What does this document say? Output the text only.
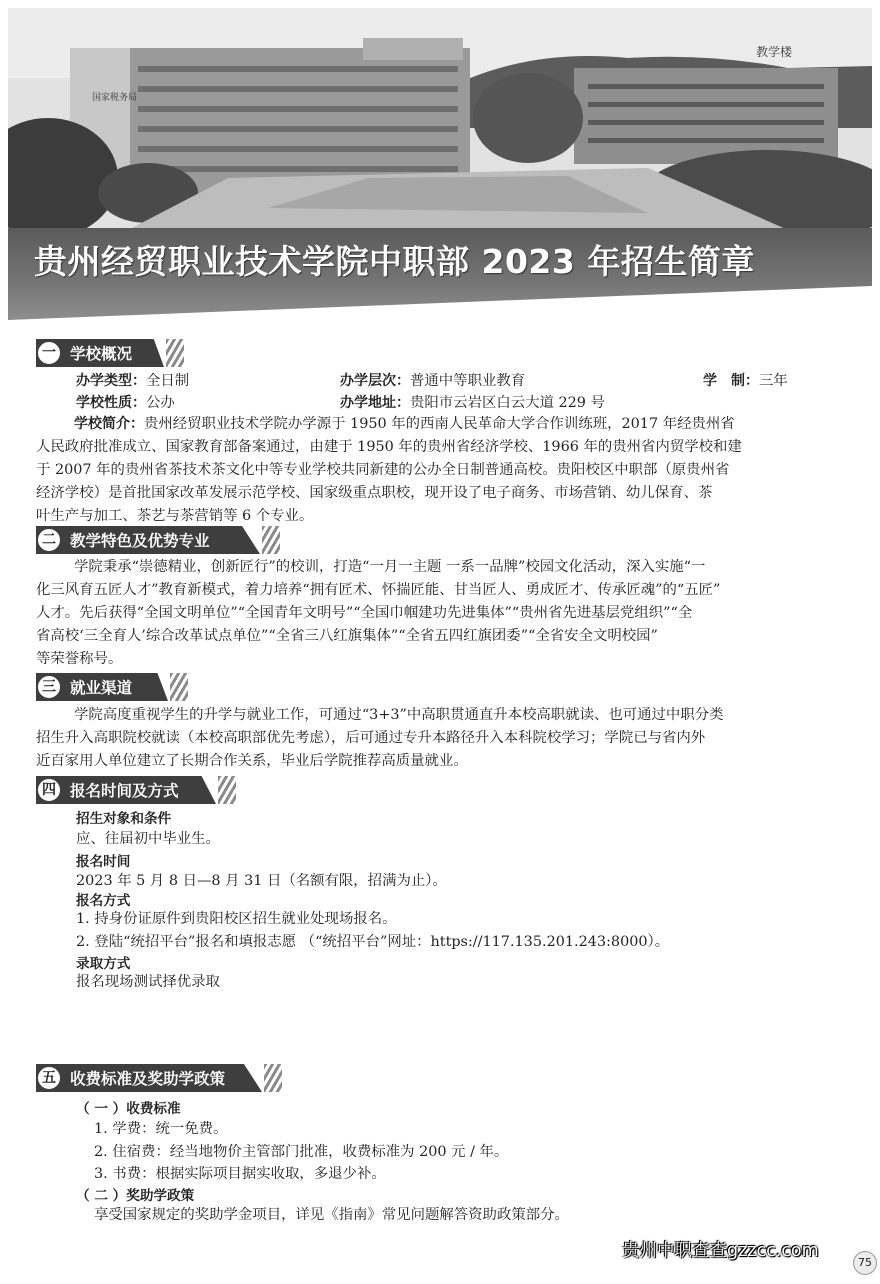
国家税务局
教学楼
贵州经贸职业技术学院中职部 2023 年招生简章
一 学校概况
办学类型：全日制	办学层次：普通中等职业教育	学　制：三年
学校性质：公办	办学地址：贵阳市云岩区白云大道 229 号
学校简介：贵州经贸职业技术学院办学源于 1950 年的西南人民革命大学合作训练班，2017 年经贵州省
人民政府批准成立、国家教育部备案通过，由建于 1950 年的贵州省经济学校、1966 年的贵州省内贸学校和建
于 2007 年的贵州省茶技术茶文化中等专业学校共同新建的公办全日制普通高校。贵阳校区中职部（原贵州省
经济学校）是首批国家改革发展示范学校、国家级重点职校，现开设了电子商务、市场营销、幼儿保育、茶
叶生产与加工、茶艺与茶营销等 6 个专业。
二 教学特色及优势专业
学院秉承“崇德精业，创新匠行”的校训，打造“一月一主题 一系一品牌”校园文化活动，深入实施“一
化三风育五匠人才”教育新模式，着力培养“拥有匠术、怀揣匠能、甘当匠人、勇成匠才、传承匠魂”的“五匠”
人才。先后获得“全国文明单位”“全国青年文明号”“全国巾帼建功先进集体”“贵州省先进基层党组织”“全
省高校‘三全育人’综合改革试点单位”“全省三八红旗集体”“全省五四红旗团委”“全省安全文明校园”
等荣誉称号。
三 就业渠道
学院高度重视学生的升学与就业工作，可通过“3+3”中高职贯通直升本校高职就读、也可通过中职分类
招生升入高职院校就读（本校高职部优先考虑），后可通过专升本路径升入本科院校学习；学院已与省内外
近百家用人单位建立了长期合作关系，毕业后学院推荐高质量就业。
四 报名时间及方式
招生对象和条件
应、往届初中毕业生。
报名时间
2023 年 5 月 8 日—8 月 31 日（名额有限，招满为止）。
报名方式
1. 持身份证原件到贵阳校区招生就业处现场报名。
2. 登陆“统招平台”报名和填报志愿 （“统招平台”网址：https://117.135.201.243:8000）。
录取方式
报名现场测试择优录取
五 收费标准及奖助学政策
（ 一 ）收费标准
1. 学费：统一免费。
2. 住宿费：经当地物价主管部门批准，收费标准为 200 元 / 年。
3. 书费：根据实际项目据实收取，多退少补。
（ 二 ）奖助学政策
享受国家规定的奖助学金项目，详见《指南》常见问题解答资助政策部分。
贵州中职查查gzzcc.com
75
